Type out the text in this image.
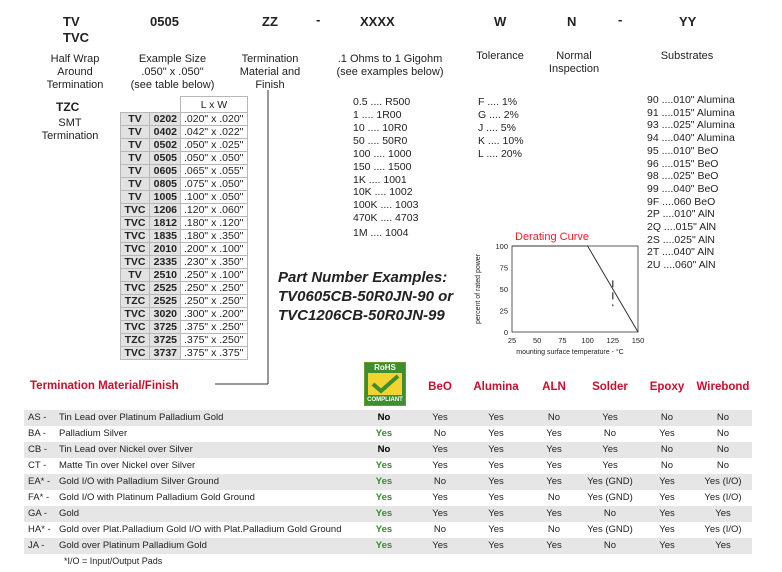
TV
TVC
0505	ZZ	-	XXXX	W	N	-	YY
Half Wrap Around Termination
TZC
SMT Termination
Example Size
.050" x .050"
(see table below)
Termination Material and Finish
.1 Ohms to 1 Gigohm
(see examples below)
Tolerance	Normal Inspection
Substrates
		L x W
TV	0202	.020" x .020"
TV	0402	.042" x .022"
TV	0502	.050" x .025"
TV	0505	.050" x .050"
TV	0605	.065" x .055"
TV	0805	.075" x .050"
TV	1005	.100" x .050"
TVC	1206	.120" x .060"
TVC	1812	.180" x .120"
TVC	1835	.180" x .350"
TVC	2010	.200" x .100"
TVC	2335	.230" x .350"
TV	2510	.250" x .100"
TVC	2525	.250" x .250"
TZC	2525	.250" x .250"
TVC	3020	.300" x .200"
TVC	3725	.375" x .250"
TZC	3725	.375" x .250"
TVC	3737	.375" x .375"
0.5 .... R500
1 .... 1R00
10 .... 10R0
50 .... 50R0
100 .... 1000
150 .... 1500
1K .... 1001
10K .... 1002
100K .... 1003
470K .... 4703
1M .... 1004
F .... 1%
G .... 2%
J .... 5%
K .... 10%
L .... 20%
90 ....010" Alumina
91 ....015" Alumina
93 ....025" Alumina
94 ....040" Alumina
95 ....010" BeO
96 ....015" BeO
98 ....025" BeO
99 ....040" BeO
9F ....060 BeO
2P ....010" AlN
2Q ....015" AlN
2S ....025" AlN
2T ....040" AlN
2U ....060" AlN
Part Number Examples:
TV0605CB-50R0JN-90 or
TVC1206CB-50R0JN-99
Derating Curve
0
25
50
75
100
25 50 75 100 125 150
mounting surface temperature - °C
percent of rated power
Termination Material/Finish
RoHS
COMPLIANT
BeO Alumina ALN Solder Epoxy Wirebond
AS - Tin Lead over Platinum Palladium Gold	No	Yes	Yes	No	Yes	No	No
BA - Palladium Silver	Yes	No	Yes	Yes	No	Yes	No
CB - Tin Lead over Nickel over Silver	No	Yes	Yes	Yes	Yes	No	No
CT - Matte Tin over Nickel over Silver	Yes	Yes	Yes	Yes	Yes	No	No
EA* - Gold I/O with Palladium Silver Ground	Yes	No	Yes	Yes	Yes (GND)	Yes	Yes (I/O)
FA* - Gold I/O with Platinum Palladium Gold Ground	Yes	Yes	Yes	No	Yes (GND)	Yes	Yes (I/O)
GA - Gold	Yes	Yes	Yes	Yes	No	Yes	Yes
HA* - Gold over Plat.Palladium Gold I/O with Plat.Palladium Gold Ground	Yes	No	Yes	No	Yes (GND)	Yes	Yes (I/O)
JA - Gold over Platinum Palladium Gold	Yes	Yes	Yes	Yes	No	Yes	Yes
*I/O = Input/Output Pads
